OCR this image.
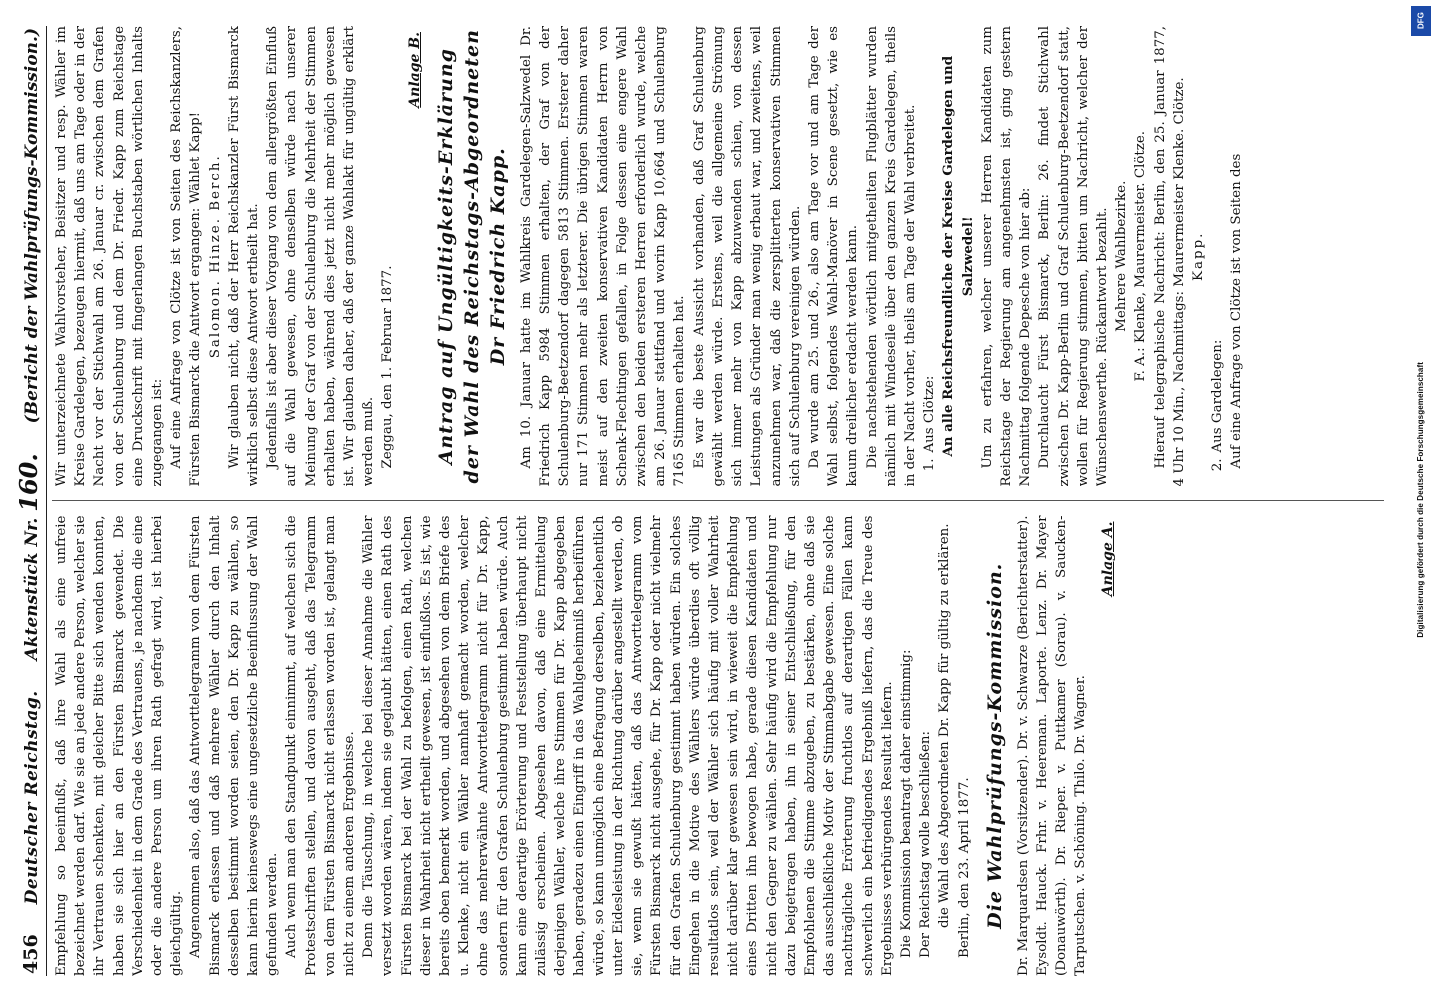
456
Deutscher Reichstag.
Aktenstück Nr. 160.
(Bericht der Wahlprüfungs-Kommission.)

Empfehlung so beeinflußt, daß ihre Wahl als eine unfreie bezeichnet werden darf. Wie sie an jede andere Person, welcher sie ihr Vertrauen schenkten, mit gleicher Bitte sich wenden konnten, haben sie sich hier an den Fürsten Bismarck gewendet. Die Verschiedenheit in dem Grade des Vertrauens, je nachdem die eine oder die andere Person um ihren Rath gefragt wird, ist hierbei gleichgültig. Angenommen also, daß das Antworttelegramm von dem Fürsten Bismarck erlassen und daß mehrere Wähler durch den Inhalt desselben bestimmt worden seien, den Dr. Kapp zu wählen, so kann hierin keineswegs eine ungesetzliche Beeinflussung der Wahl gefunden werden. Auch wenn man den Standpunkt einnimmt, auf welchen sich die Protestschriften stellen, und davon ausgeht, daß das Telegramm von dem Fürsten Bismarck nicht erlassen worden ist, gelangt man nicht zu einem anderen Ergebnisse. Denn die Täuschung, in welche bei dieser Annahme die Wähler versetzt worden wären, indem sie geglaubt hätten, einen Rath des Fürsten Bismarck bei der Wahl zu befolgen, einen Rath, welchen dieser in Wahrheit nicht ertheilt gewesen, ist einflußlos. Es ist, wie bereits oben bemerkt worden, und abgesehen von dem Briefe des u. Klenke, nicht ein Wähler namhaft gemacht worden, welcher ohne das mehrerwähnte Antworttelegramm nicht für Dr. Kapp, sondern für den Grafen Schulenburg gestimmt haben würde. Auch kann eine derartige Erörterung und Feststellung überhaupt nicht zulässig erscheinen. Abgesehen davon, daß eine Ermittelung derjenigen Wähler, welche ihre Stimmen für Dr. Kapp abgegeben haben, geradezu einen Eingriff in das Wahlgeheimniß herbeiführen würde, so kann unmöglich eine Befragung derselben, beziehentlich unter Eidesleistung in der Richtung darüber angestellt werden, ob sie, wenn sie gewußt hätten, daß das Antworttelegramm vom Fürsten Bismarck nicht ausgehe, für Dr. Kapp oder nicht vielmehr für den Grafen Schulenburg gestimmt haben würden. Ein solches Eingehen in die Motive des Wählers würde überdies oft völlig resultatlos sein, weil der Wähler sich häufig mit voller Wahrheit nicht darüber klar gewesen sein wird, in wieweit die Empfehlung eines Dritten ihn bewogen habe, gerade diesen Kandidaten und nicht den Gegner zu wählen. Sehr häufig wird die Empfehlung nur dazu beigetragen haben, ihn in seiner Entschließung, für den Empfohlenen die Stimme abzugeben, zu bestärken, ohne daß sie das ausschließliche Motiv der Stimmabgabe gewesen. Eine solche nachträgliche Erörterung fruchtlos auf derartigen Fällen kann schwerlich ein befriedigendes Ergebniß liefern, das die Treue des Ergebnisses verbürgendes Resultat liefern. Die Kommission beantragt daher einstimmig: Der Reichstag wolle beschließen: die Wahl des Abgeordneten Dr. Kapp für gültig zu erklären. Berlin, den 23. April 1877. Die Wahlprüfungs-Kommission. Dr. Marquardsen (Vorsitzender). Dr. v. Schwarze (Berichterstatter). Eysoldt. Hauck. Frhr. v. Heereman. Laporte. Lenz. Dr. Mayer (Donauwörth). Dr. Rieper. v. Puttkamer (Sorau). v. Saucken-Tarputschen. v. Schöning. Thilo. Dr. Wagner.

Anlage A.

Wir unterzeichnete Wahlvorsteher, Beisitzer und resp. Wähler im Kreise Gardelegen, bezeugen hiermit, daß uns am Tage oder in der Nacht vor der Stichwahl am 26. Januar cr. zwischen dem Grafen von der Schulenburg und dem Dr. Friedr. Kapp zum Reichstage eine Druckschrift mit fingerlangen Buchstaben wörtlichen Inhalts zugegangen ist: Auf eine Anfrage von Clötze ist von Seiten des Reichskanzlers, Fürsten Bismarck die Antwort ergangen: Wählet Kapp! Salomon. Hinze. Berch. Wir glauben nicht, daß der Herr Reichskanzler Fürst Bismarck wirklich selbst diese Antwort ertheilt hat. Jedenfalls ist aber dieser Vorgang von dem allergrößten Einfluß auf die Wahl gewesen, ohne denselben würde nach unserer Meinung der Graf von der Schulenburg die Mehrheit der Stimmen erhalten haben, während dies jetzt nicht mehr möglich gewesen ist. Wir glauben daher, daß der ganze Wahlakt für ungültig erklärt werden muß. Zeggau, den 1. Februar 1877.

Anlage B. Antrag auf Ungültigkeits-Erklärung der Wahl des Reichstags-Abgeordneten Dr Friedrich Kapp. Am 10. Januar hatte im Wahlkreis Gardelegen-Salzwedel Dr. Friedrich Kapp 5984 Stimmen erhalten, der Graf von der Schulenburg-Beetzendorf dagegen 5813 Stimmen. Ersterer daher nur 171 Stimmen mehr als letzterer. Die übrigen Stimmen waren meist auf den zweiten konservativen Kandidaten Herrn von Schenk-Flechtingen gefallen, in Folge dessen eine engere Wahl zwischen den beiden ersteren Herren erforderlich wurde, welche am 26. Januar stattfand und worin Kapp 10,664 und Schulenburg 7165 Stimmen erhalten hat. Es war die beste Aussicht vorhanden, daß Graf Schulenburg gewählt werden würde. Erstens, weil die allgemeine Strömung sich immer mehr von Kapp abzuwenden schien, von dessen Leistungen als Gründer man wenig erbaut war, und zweitens, weil anzunehmen war, daß die zersplitterten konservativen Stimmen sich auf Schulenburg vereinigen würden. Da wurde am 25. und 26., also am Tage vor und am Tage der Wahl selbst, folgendes Wahl-Manöver in Scene gesetzt, wie es kaum dreilicher erdacht werden kann. Die nachstehenden wörtlich mitgetheilten Flugblätter wurden nämlich mit Windeseile über den ganzen Kreis Gardelegen, theils in der Nacht vorher, theils am Tage der Wahl verbreitet. 1.
Aus Clötze: An alle Reichsfreundliche der Kreise Gardelegen und Salzwedel! Um zu erfahren, welcher unserer Herren Kandidaten zum Reichstage der Regierung am angenehmsten ist, ging gestern Nachmittag folgende Depesche von hier ab: Durchlaucht Fürst Bismarck, Berlin: 26. findet Stichwahl zwischen Dr. Kapp-Berlin und Graf Schulenburg-Beetzendorf statt, wollen für Regierung stimmen, bitten um Nachricht, welcher der Wünschenswerthe. Rückantwort bezahlt. Mehrere Wahlbezirke. F. A.: Klenke, Maurermeister. Clötze. Hierauf telegraphische Nachricht: Berlin, den 25. Januar 1877, 4 Uhr 10 Min., Nachmittags: Maurermeister Klenke. Clötze. Kapp.

2.
Aus Gardelegen: Auf eine Anfrage von Clötze ist von Seiten des

Digitalisierung gefördert durch die Deutsche Forschungsgemeinschaft
DFG
